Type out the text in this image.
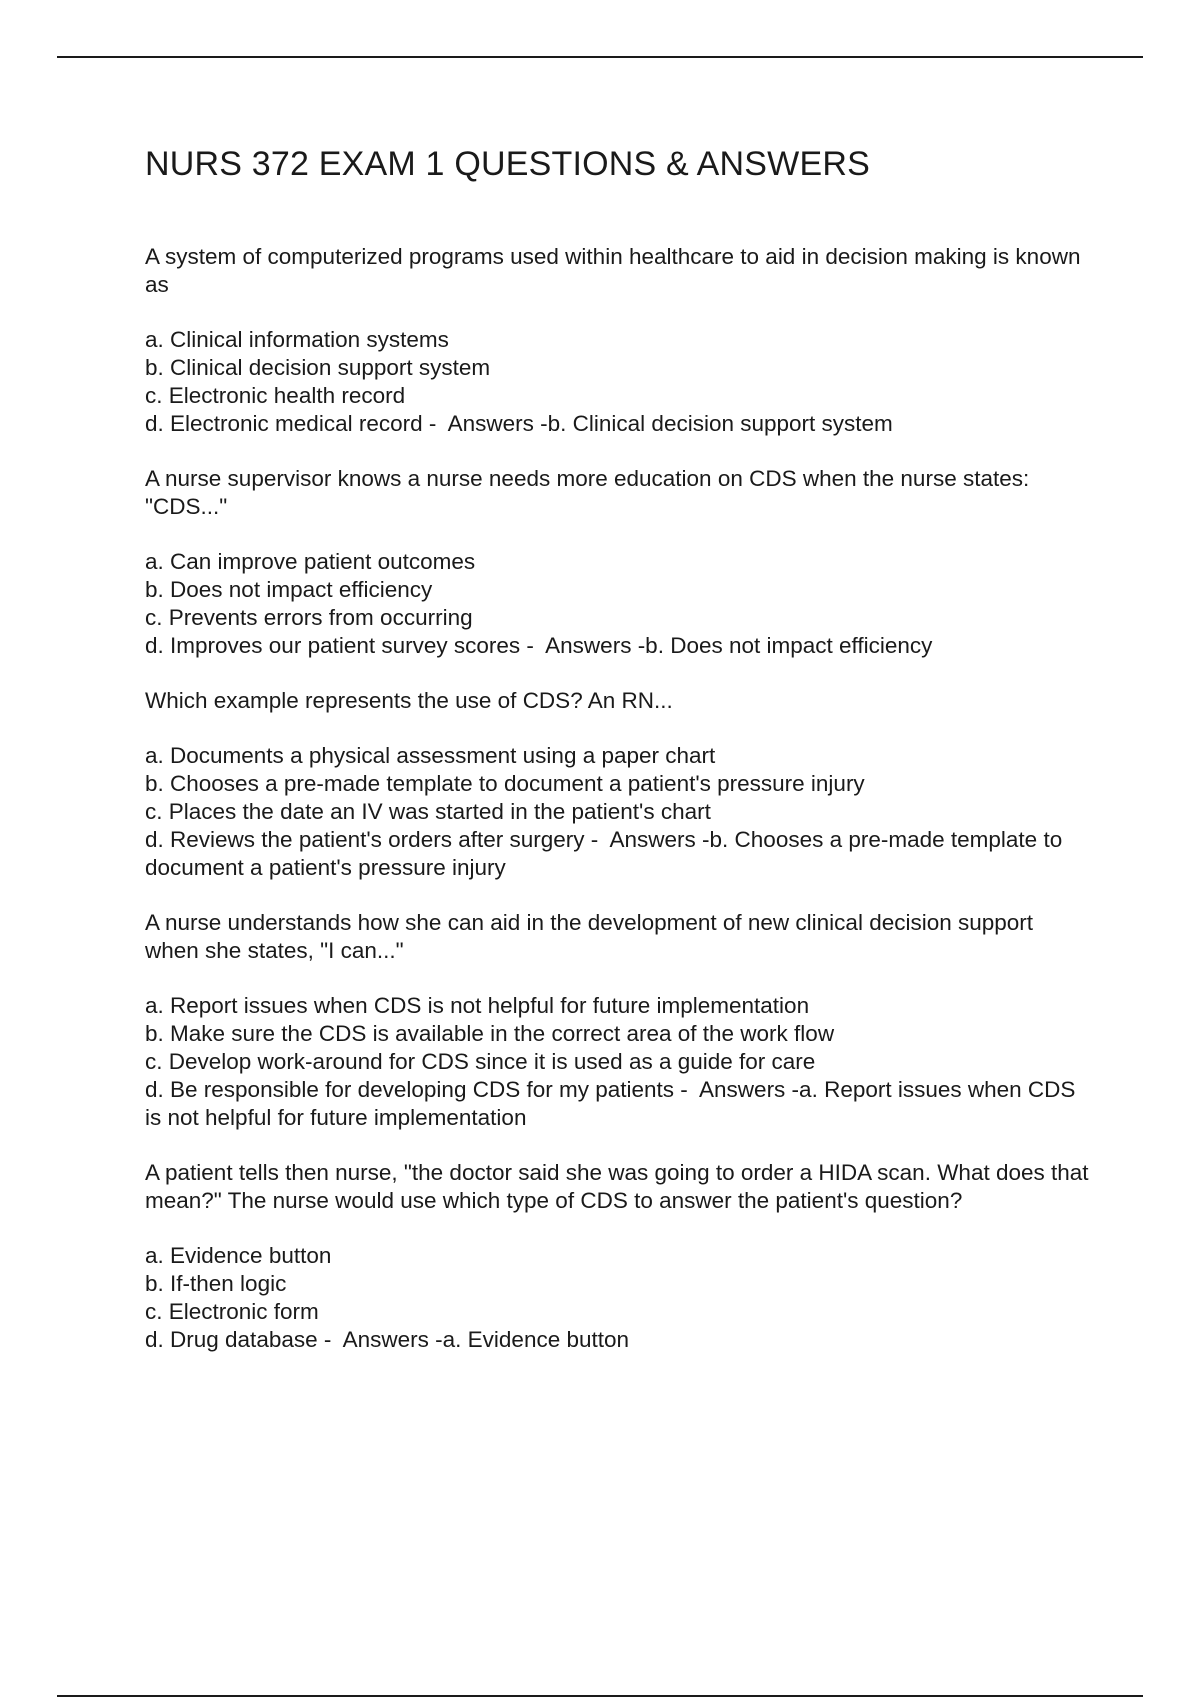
NURS 372 EXAM 1 QUESTIONS & ANSWERS
A system of computerized programs used within healthcare to aid in decision making is known as
a. Clinical information systems
b. Clinical decision support system
c. Electronic health record
d. Electronic medical record -  Answers -b. Clinical decision support system
A nurse supervisor knows a nurse needs more education on CDS when the nurse states: "CDS..."
a. Can improve patient outcomes
b. Does not impact efficiency
c. Prevents errors from occurring
d. Improves our patient survey scores -  Answers -b. Does not impact efficiency
Which example represents the use of CDS? An RN...
a. Documents a physical assessment using a paper chart
b. Chooses a pre-made template to document a patient's pressure injury
c. Places the date an IV was started in the patient's chart
d. Reviews the patient's orders after surgery -  Answers -b. Chooses a pre-made template to document a patient's pressure injury
A nurse understands how she can aid in the development of new clinical decision support when she states, "I can..."
a. Report issues when CDS is not helpful for future implementation
b. Make sure the CDS is available in the correct area of the work flow
c. Develop work-around for CDS since it is used as a guide for care
d. Be responsible for developing CDS for my patients -  Answers -a. Report issues when CDS is not helpful for future implementation
A patient tells then nurse, "the doctor said she was going to order a HIDA scan. What does that mean?" The nurse would use which type of CDS to answer the patient's question?
a. Evidence button
b. If-then logic
c. Electronic form
d. Drug database -  Answers -a. Evidence button
